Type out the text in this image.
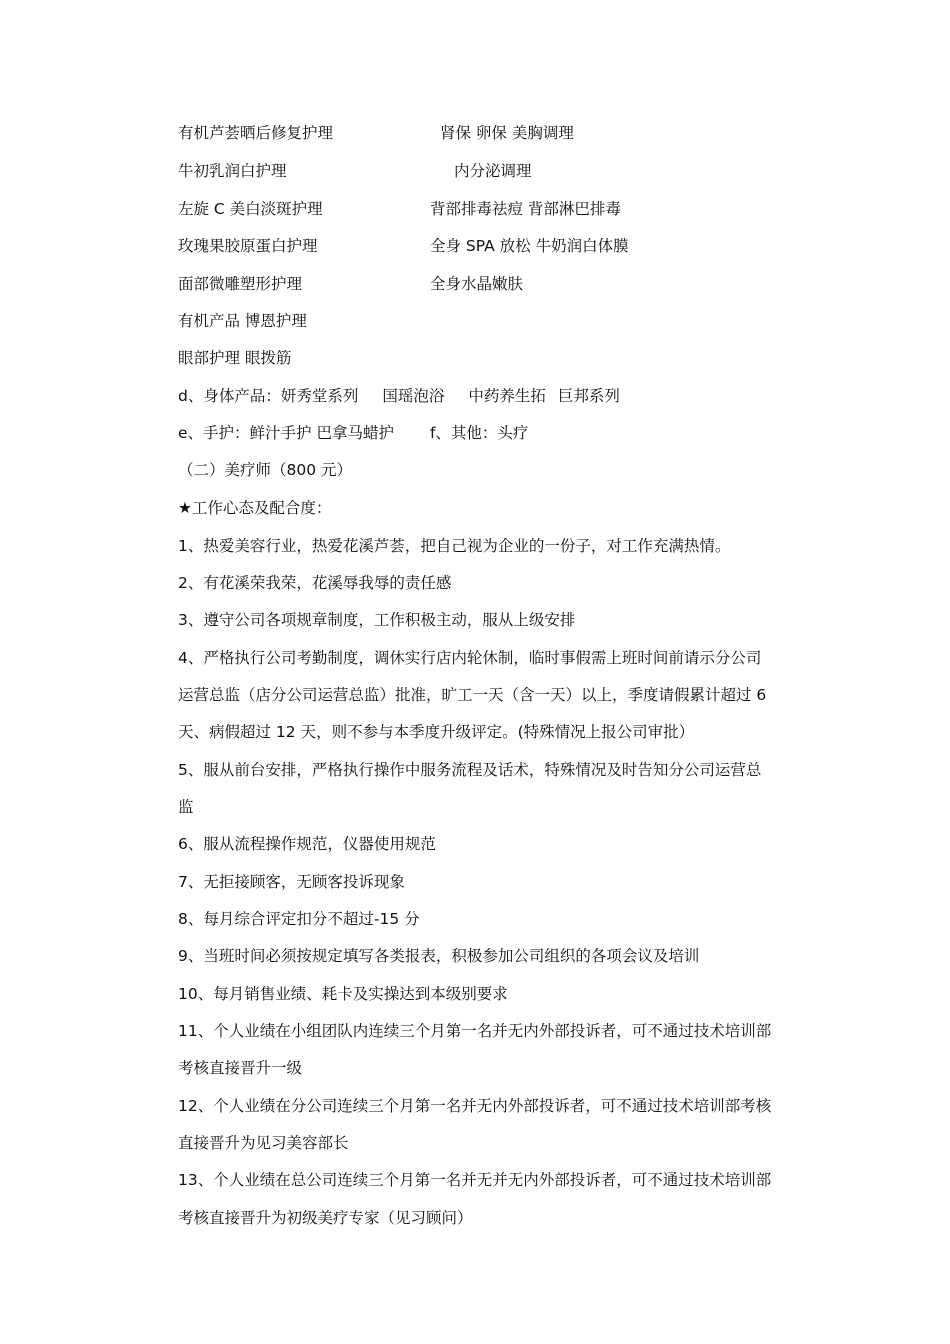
有机芦荟晒后修复护理	肾保 卵保 美胸调理
牛初乳润白护理	内分泌调理
左旋 C 美白淡斑护理	背部排毒祛痘 背部淋巴排毒
玫瑰果胶原蛋白护理	全身 SPA 放松 牛奶润白体膜
面部微雕塑形护理	全身水晶嫩肤
有机产品 博恩护理
眼部护理 眼拨筋
d、身体产品：妍秀堂系列 国瑶泡浴 中药养生拓 巨邦系列
e、手护：鲜汁手护 巴拿马蜡护 f、其他：头疗
（二）美疗师（800 元）
★工作心态及配合度：
1、热爱美容行业，热爱花溪芦荟，把自己视为企业的一份子，对工作充满热情。
2、有花溪荣我荣，花溪辱我辱的责任感
3、遵守公司各项规章制度，工作积极主动，服从上级安排
4、严格执行公司考勤制度，调休实行店内轮休制，临时事假需上班时间前请示分公司
运营总监（店分公司运营总监）批准，旷工一天（含一天）以上，季度请假累计超过 6
天、病假超过 12 天，则不参与本季度升级评定。(特殊情况上报公司审批）
5、服从前台安排，严格执行操作中服务流程及话术，特殊情况及时告知分公司运营总
监
6、服从流程操作规范，仪器使用规范
7、无拒接顾客，无顾客投诉现象
8、每月综合评定扣分不超过-15 分
9、当班时间必须按规定填写各类报表，积极参加公司组织的各项会议及培训
10、每月销售业绩、耗卡及实操达到本级别要求
11、个人业绩在小组团队内连续三个月第一名并无内外部投诉者，可不通过技术培训部
考核直接晋升一级
12、个人业绩在分公司连续三个月第一名并无内外部投诉者，可不通过技术培训部考核
直接晋升为见习美容部长
13、个人业绩在总公司连续三个月第一名并无并无内外部投诉者，可不通过技术培训部
考核直接晋升为初级美疗专家（见习顾问）
